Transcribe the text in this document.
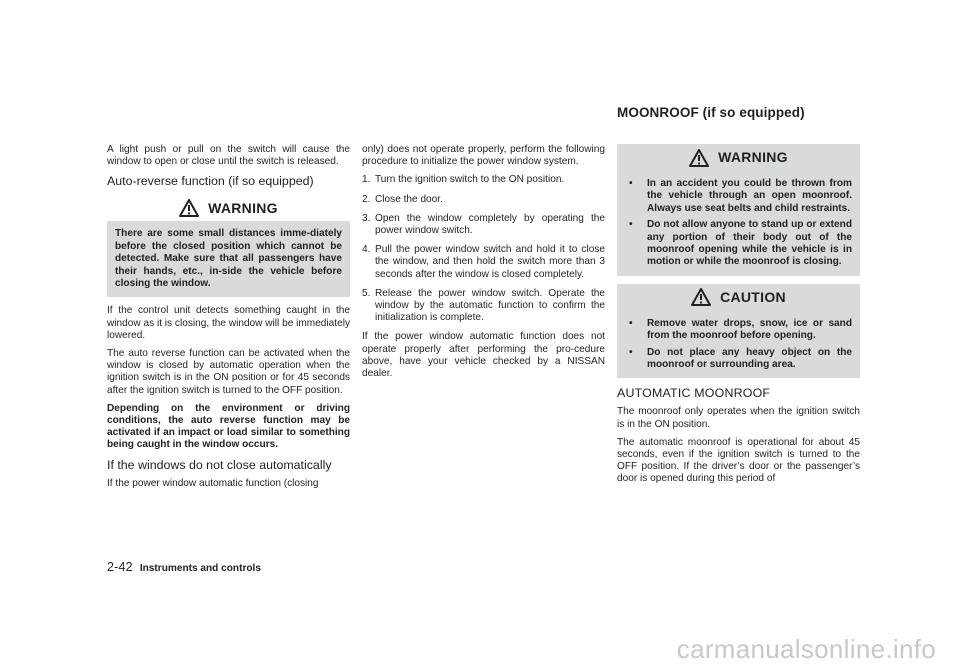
MOONROOF (if so equipped)

A light push or pull on the switch will cause the window to open or close until the switch is released.

Auto-reverse function (if so equipped)
WARNING
There are some small distances imme-diately before the closed position which cannot be detected. Make sure that all passengers have their hands, etc., in-side the vehicle before closing the window.

If the control unit detects something caught in the window as it is closing, the window will be immediately lowered.

The auto reverse function can be activated when the window is closed by automatic operation when the ignition switch is in the ON position or for 45 seconds after the ignition switch is turned to the OFF position.

Depending on the environment or driving conditions, the auto reverse function may be activated if an impact or load similar to something being caught in the window occurs.

If the windows do not close automatically

If the power window automatic function (closing

only) does not operate properly, perform the following procedure to initialize the power window system.

1. Turn the ignition switch to the ON position.
2. Close the door.
3. Open the window completely by operating the power window switch.
4. Pull the power window switch and hold it to close the window, and then hold the switch more than 3 seconds after the window is closed completely.
5. Release the power window switch. Operate the window by the automatic function to confirm the initialization is complete.

If the power window automatic function does not operate properly after performing the pro-cedure above, have your vehicle checked by a NISSAN dealer.

WARNING
• In an accident you could be thrown from the vehicle through an open moonroof. Always use seat belts and child restraints.
• Do not allow anyone to stand up or extend any portion of their body out of the moonroof opening while the vehicle is in motion or while the moonroof is closing.
CAUTION
• Remove water drops, snow, ice or sand from the moonroof before opening.
• Do not place any heavy object on the moonroof or surrounding area.
AUTOMATIC MOONROOF

The moonroof only operates when the ignition switch is in the ON position.

The automatic moonroof is operational for about 45 seconds, even if the ignition switch is turned to the OFF position. If the driver’s door or the passenger’s door is opened during this period of

2-42 Instruments and controls
carmanualsonline.info
